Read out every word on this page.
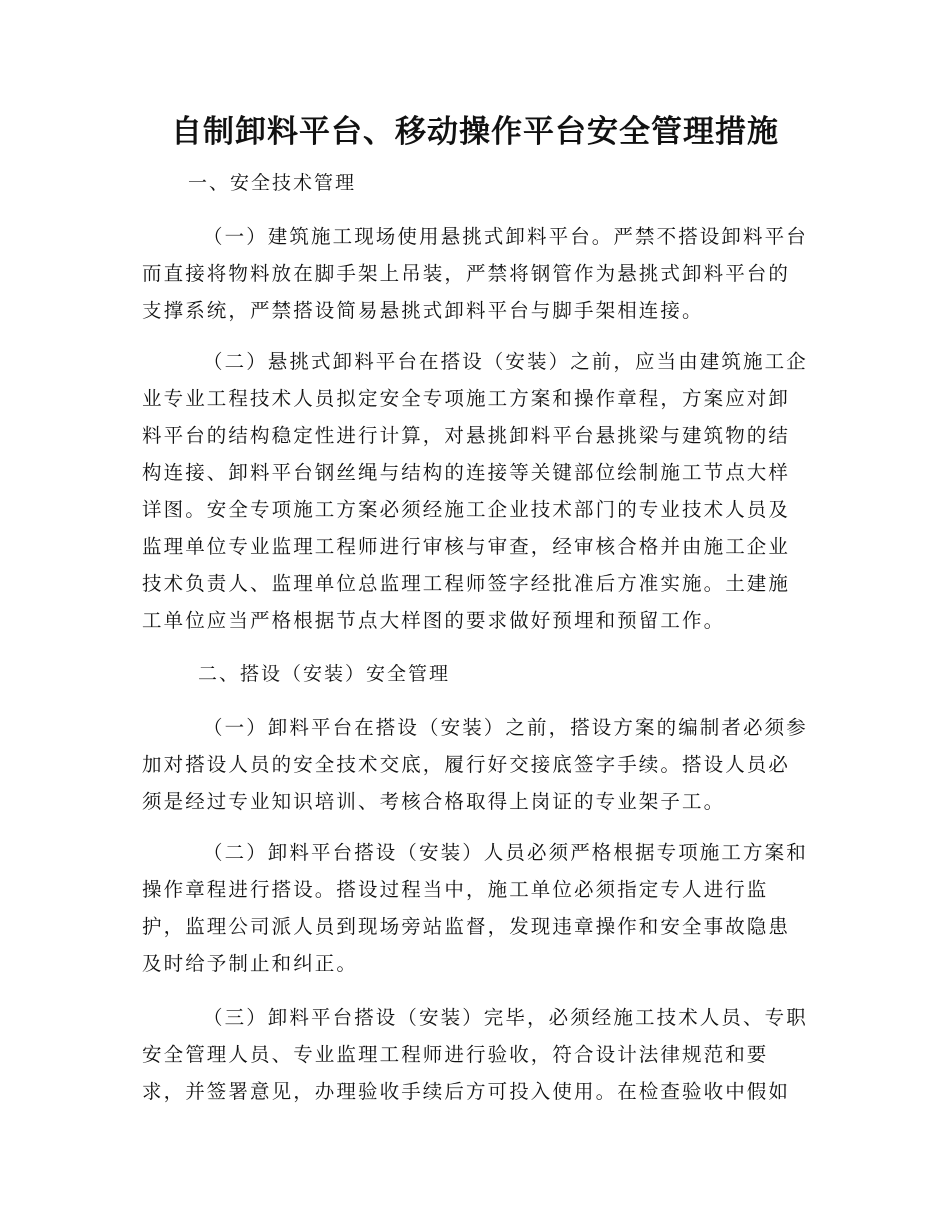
自制卸料平台、移动操作平台安全管理措施

一、安全技术管理

（一）建筑施工现场使用悬挑式卸料平台。严禁不搭设卸料平台
而直接将物料放在脚手架上吊装，严禁将钢管作为悬挑式卸料平台的
支撑系统，严禁搭设简易悬挑式卸料平台与脚手架相连接。
（二）悬挑式卸料平台在搭设（安装）之前，应当由建筑施工企
业专业工程技术人员拟定安全专项施工方案和操作章程，方案应对卸
料平台的结构稳定性进行计算，对悬挑卸料平台悬挑梁与建筑物的结
构连接、卸料平台钢丝绳与结构的连接等关键部位绘制施工节点大样
详图。安全专项施工方案必须经施工企业技术部门的专业技术人员及
监理单位专业监理工程师进行审核与审查，经审核合格并由施工企业
技术负责人、监理单位总监理工程师签字经批准后方准实施。土建施
工单位应当严格根据节点大样图的要求做好预埋和预留工作。

二、搭设（安装）安全管理

（一）卸料平台在搭设（安装）之前，搭设方案的编制者必须参
加对搭设人员的安全技术交底，履行好交接底签字手续。搭设人员必
须是经过专业知识培训、考核合格取得上岗证的专业架子工。
（二）卸料平台搭设（安装）人员必须严格根据专项施工方案和
操作章程进行搭设。搭设过程当中，施工单位必须指定专人进行监
护，监理公司派人员到现场旁站监督，发现违章操作和安全事故隐患
及时给予制止和纠正。
（三）卸料平台搭设（安装）完毕，必须经施工技术人员、专职
安全管理人员、专业监理工程师进行验收，符合设计法律规范和要
求，并签署意见，办理验收手续后方可投入使用。在检查验收中假如
